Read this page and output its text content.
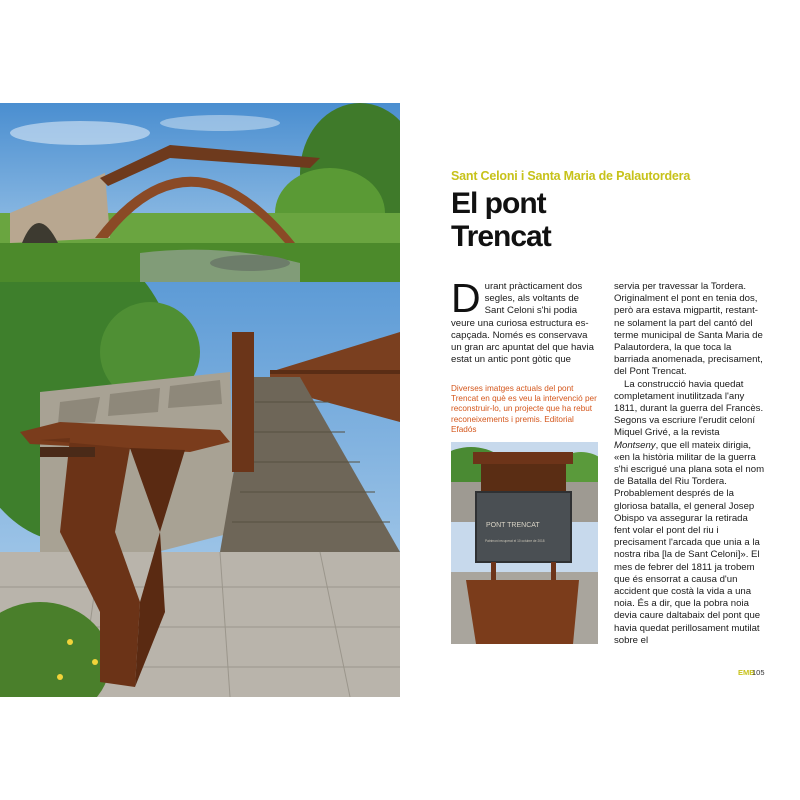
Sant Celoni i Santa Maria de Palautordera
El pont
Trencat

D urant pràcticament dos segles, als voltants de Sant Celoni s'hi podia veure una curiosa estructura es-capçada. Només es conservava un gran arc apuntat del que havia estat un antic pont gòtic que

Diverses imatges actuals del pont Trencat en què es veu la intervenció per reconstruir-lo, un projecte que ha rebut reconeixements i premis. Editorial Efadós
PONT TRENCAT
Patrimoni recuperat el 10 octubre de 2018

servia per travessar la Tordera. Originalment el pont en tenia dos, però ara estava migpartit, restant-ne solament la part del cantó del terme municipal de Santa Maria de Palautordera, la que toca la barriada anomenada, precisament, del Pont Trencat.

La construcció havia quedat completament inutilitzada l'any 1811, durant la guerra del Francès. Segons va escriure l'erudit celoní Miquel Grivé, a la revista Montseny, que ell mateix dirigia, «en la història militar de la guerra s'hi escrigué una plana sota el nom de Batalla del Riu Tordera. Probablement després de la gloriosa batalla, el general Josep Obispo va assegurar la retirada fent volar el pont del riu i precisament l'arcada que unia a la nostra riba [la de Sant Celoni]». El mes de febrer del 1811 ja trobem que és ensorrat a causa d'un accident que costà la vida a una noia. És a dir, que la pobra noia devia caure daltabaix del pont que havia quedat perillosament mutilat sobre el

EMB
105
